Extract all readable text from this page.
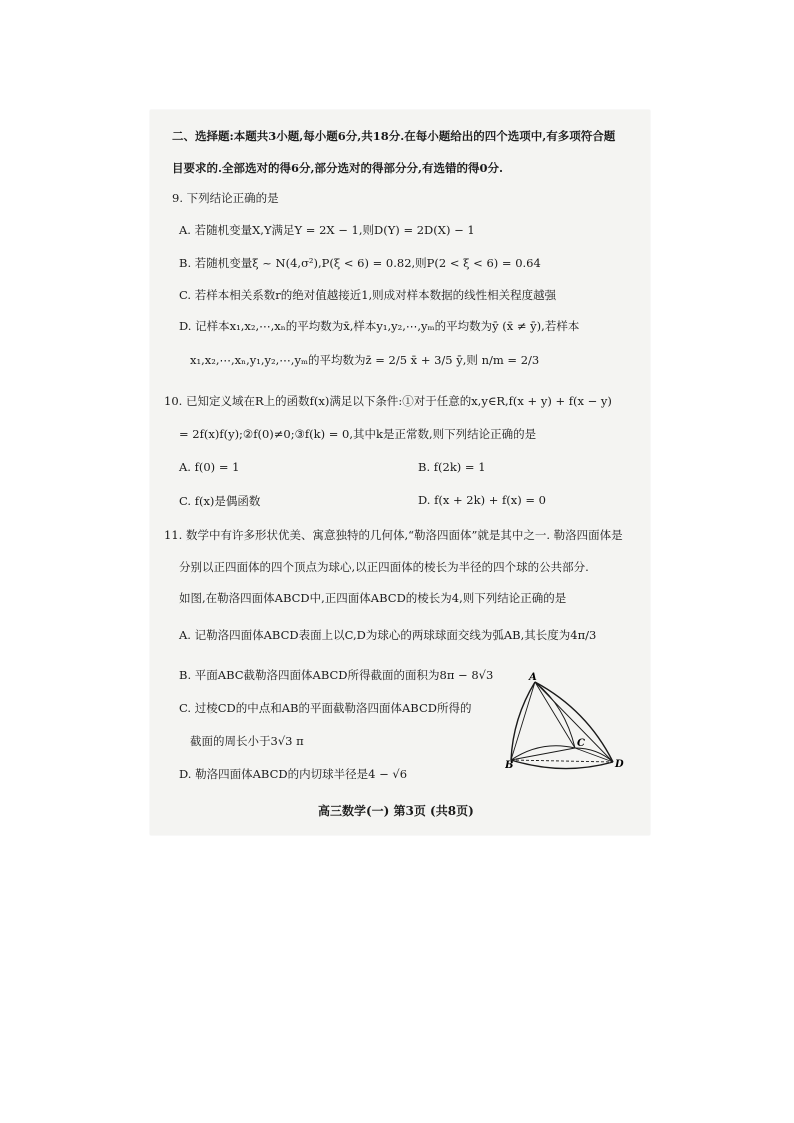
二、选择题:本题共3小题,每小题6分,共18分.在每小题给出的四个选项中,有多项符合题
目要求的.全部选对的得6分,部分选对的得部分分,有选错的得0分.
9. 下列结论正确的是
A. 若随机变量X,Y满足Y = 2X − 1,则D(Y) = 2D(X) − 1
B. 若随机变量ξ ~ N(4,σ²),P(ξ < 6) = 0.82,则P(2 < ξ < 6) = 0.64
C. 若样本相关系数r的绝对值越接近1,则成对样本数据的线性相关程度越强
D. 记样本x₁,x₂,⋯,xₙ的平均数为x̄,样本y₁,y₂,⋯,yₘ的平均数为ȳ (x̄ ≠ ȳ),若样本
x₁,x₂,⋯,xₙ,y₁,y₂,⋯,yₘ的平均数为z̄ = 2/5 x̄ + 3/5 ȳ,则 n/m = 2/3
10. 已知定义域在R上的函数f(x)满足以下条件:①对于任意的x,y∈R,f(x + y) + f(x − y)
= 2f(x)f(y);②f(0)≠0;③f(k) = 0,其中k是正常数,则下列结论正确的是
A. f(0) = 1	B. f(2k) = 1
C. f(x)是偶函数	D. f(x + 2k) + f(x) = 0
11. 数学中有许多形状优美、寓意独特的几何体,“勒洛四面体”就是其中之一. 勒洛四面体是
分别以正四面体的四个顶点为球心,以正四面体的棱长为半径的四个球的公共部分.
如图,在勒洛四面体ABCD中,正四面体ABCD的棱长为4,则下列结论正确的是
A. 记勒洛四面体ABCD表面上以C,D为球心的两球球面交线为弧AB,其长度为4π/3
B. 平面ABC截勒洛四面体ABCD所得截面的面积为8π − 8√3
C. 过棱CD的中点和AB的平面截勒洛四面体ABCD所得的
截面的周长小于3√3 π
D. 勒洛四面体ABCD的内切球半径是4 − √6
A
B
C
D
高三数学(一) 第3页 (共8页)
